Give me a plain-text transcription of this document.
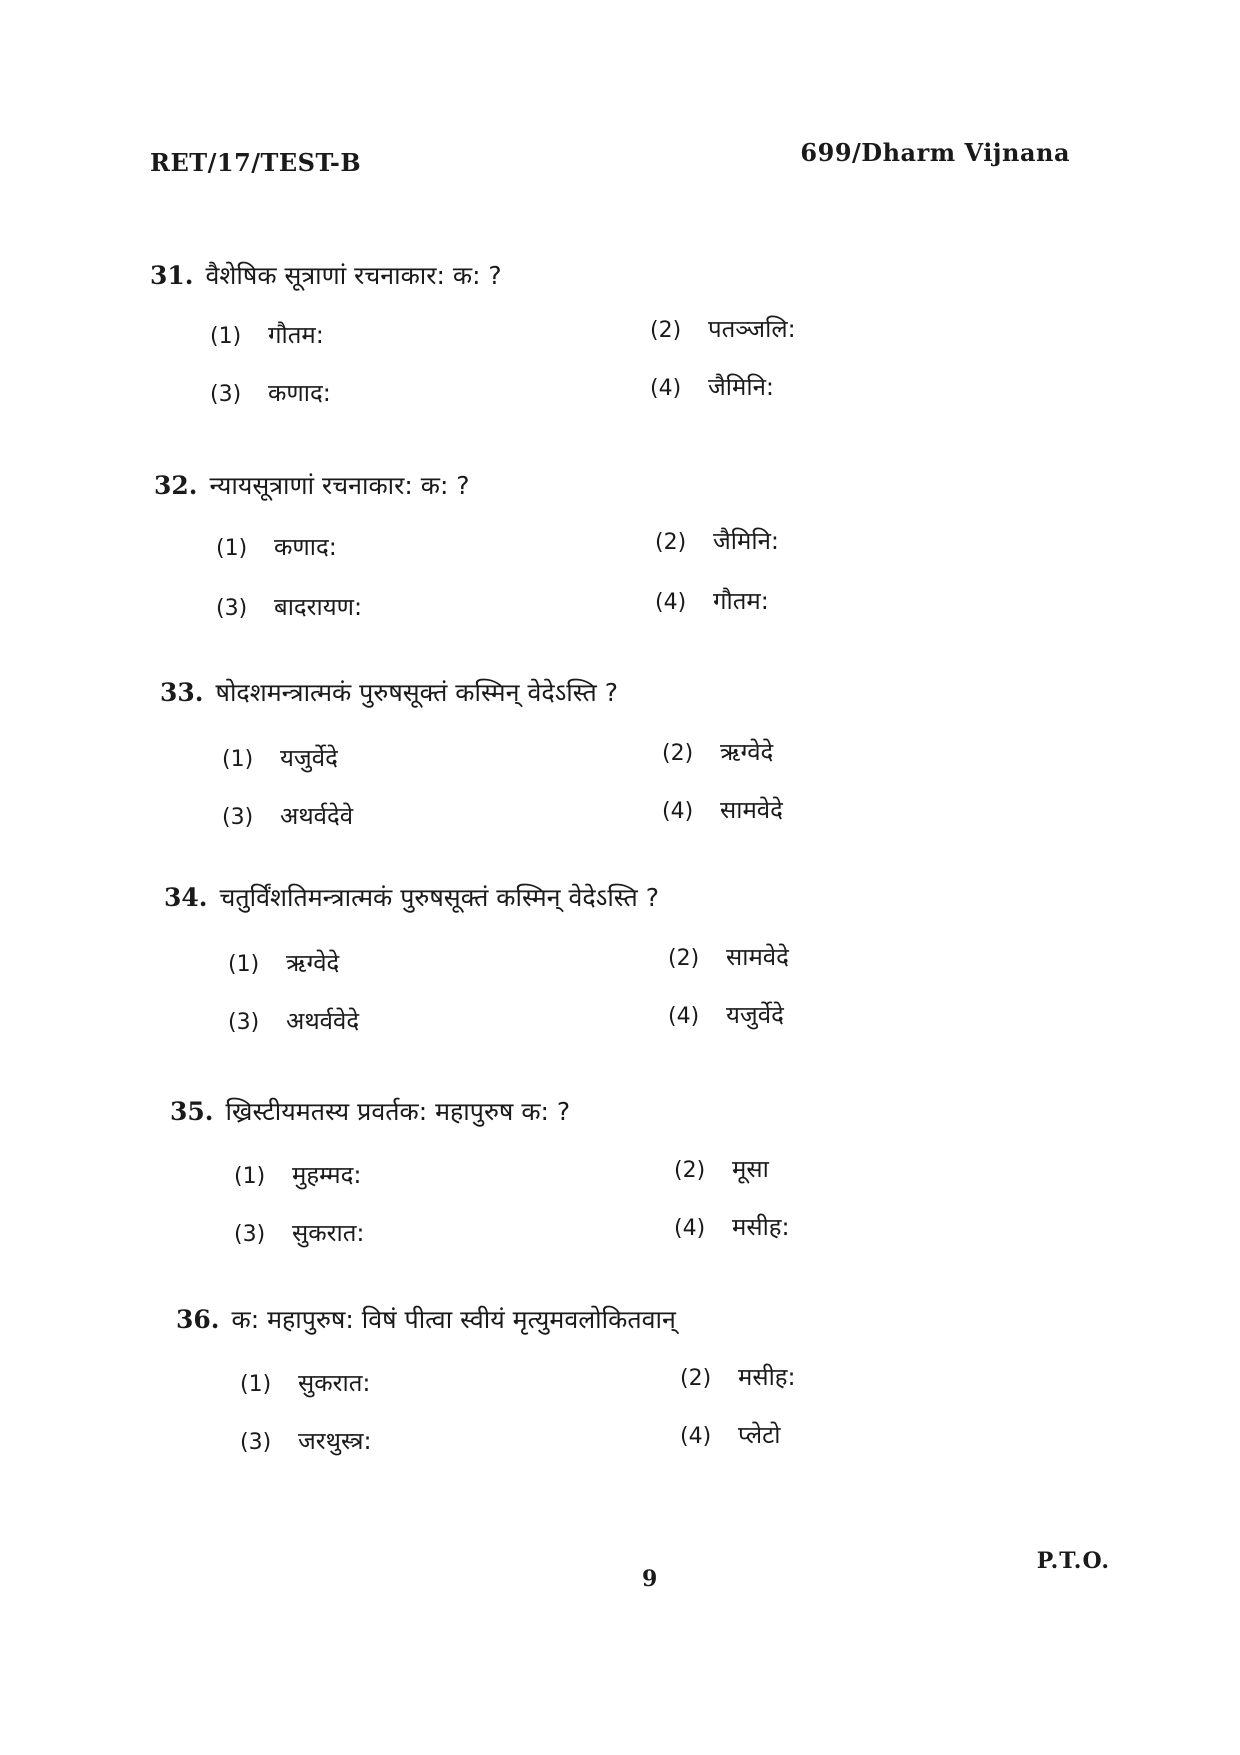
RET/17/TEST-B	699/Dharm Vijnana
31. वैशेषिक सूत्राणां रचनाकार: क: ?
(1) गौतम:	(2) पतञ्जलि:
(3) कणाद:	(4) जैमिनि:
32. न्यायसूत्राणां रचनाकार: क: ?
(1) कणाद:	(2) जैमिनि:
(3) बादरायण:	(4) गौतम:
33. षोदशमन्त्रात्मकं पुरुषसूक्तं कस्मिन् वेदेऽस्ति ?
(1) यजुर्वेदे	(2) ऋग्वेदे
(3) अथर्वदेवे	(4) सामवेदे
34. चतुर्विंशतिमन्त्रात्मकं पुरुषसूक्तं कस्मिन् वेदेऽस्ति ?
(1) ऋग्वेदे	(2) सामवेदे
(3) अथर्ववेदे	(4) यजुर्वेदे
35. ख्रिस्टीयमतस्य प्रवर्तक: महापुरुष क: ?
(1) मुहम्मद:	(2) मूसा
(3) सुकरात:	(4) मसीह:
36. क: महापुरुष: विषं पीत्वा स्वीयं मृत्युमवलोकितवान्
(1) सुकरात:	(2) मसीह:
(3) जरथुस्त्र:	(4) प्लेटो
9
P.T.O.
